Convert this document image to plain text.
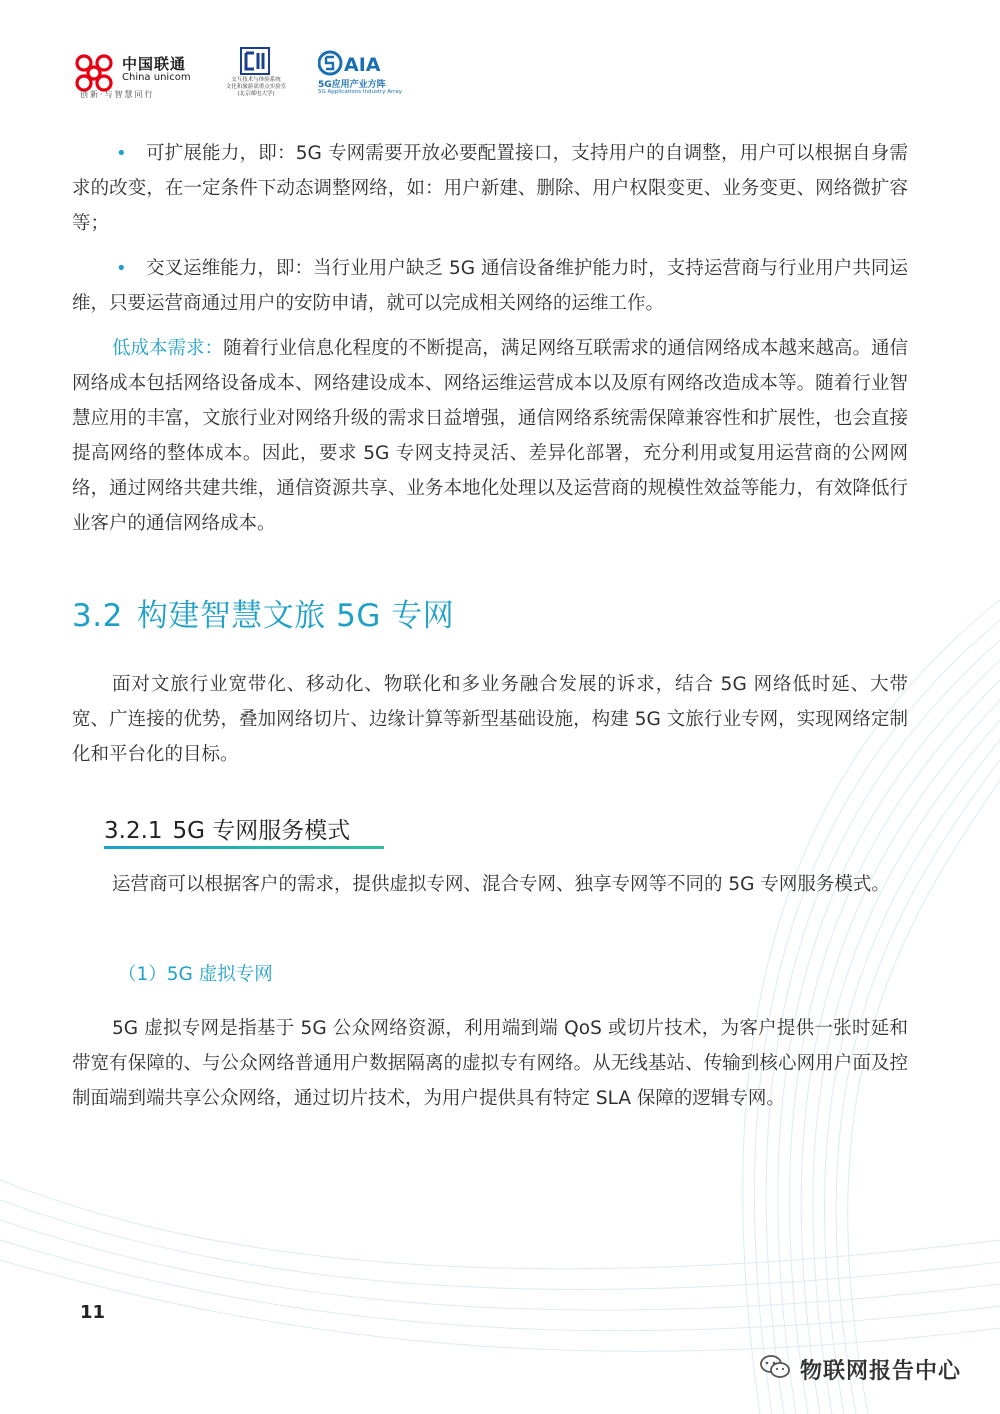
中国联通
China unicom
创新·与智慧同行
交互技术与体验系统
文化和旅游部重点实验室
(北京邮电大学)
AIA
5G应用产业方阵
5G Applications Industry Array
•	可扩展能力，即：5G 专网需要开放必要配置接口，支持用户的自调整，用户可以根据自身需求的改变，在一定条件下动态调整网络，如：用户新建、删除、用户权限变更、业务变更、网络微扩容等；
•	交叉运维能力，即：当行业用户缺乏 5G 通信设备维护能力时，支持运营商与行业用户共同运维，只要运营商通过用户的安防申请，就可以完成相关网络的运维工作。
低成本需求：随着行业信息化程度的不断提高，满足网络互联需求的通信网络成本越来越高。通信网络成本包括网络设备成本、网络建设成本、网络运维运营成本以及原有网络改造成本等。随着行业智慧应用的丰富，文旅行业对网络升级的需求日益增强，通信网络系统需保障兼容性和扩展性，也会直接提高网络的整体成本。因此，要求 5G 专网支持灵活、差异化部署，充分利用或复用运营商的公网网络，通过网络共建共维，通信资源共享、业务本地化处理以及运营商的规模性效益等能力，有效降低行业客户的通信网络成本。
3.2 构建智慧文旅 5G 专网
面对文旅行业宽带化、移动化、物联化和多业务融合发展的诉求，结合 5G 网络低时延、大带宽、广连接的优势，叠加网络切片、边缘计算等新型基础设施，构建 5G 文旅行业专网，实现网络定制化和平台化的目标。
3.2.1 5G 专网服务模式
运营商可以根据客户的需求，提供虚拟专网、混合专网、独享专网等不同的 5G 专网服务模式。
（1）5G 虚拟专网
5G 虚拟专网是指基于 5G 公众网络资源，利用端到端 QoS 或切片技术，为客户提供一张时延和带宽有保障的、与公众网络普通用户数据隔离的虚拟专有网络。从无线基站、传输到核心网用户面及控制面端到端共享公众网络，通过切片技术，为用户提供具有特定 SLA 保障的逻辑专网。
11
物联网报告中心
